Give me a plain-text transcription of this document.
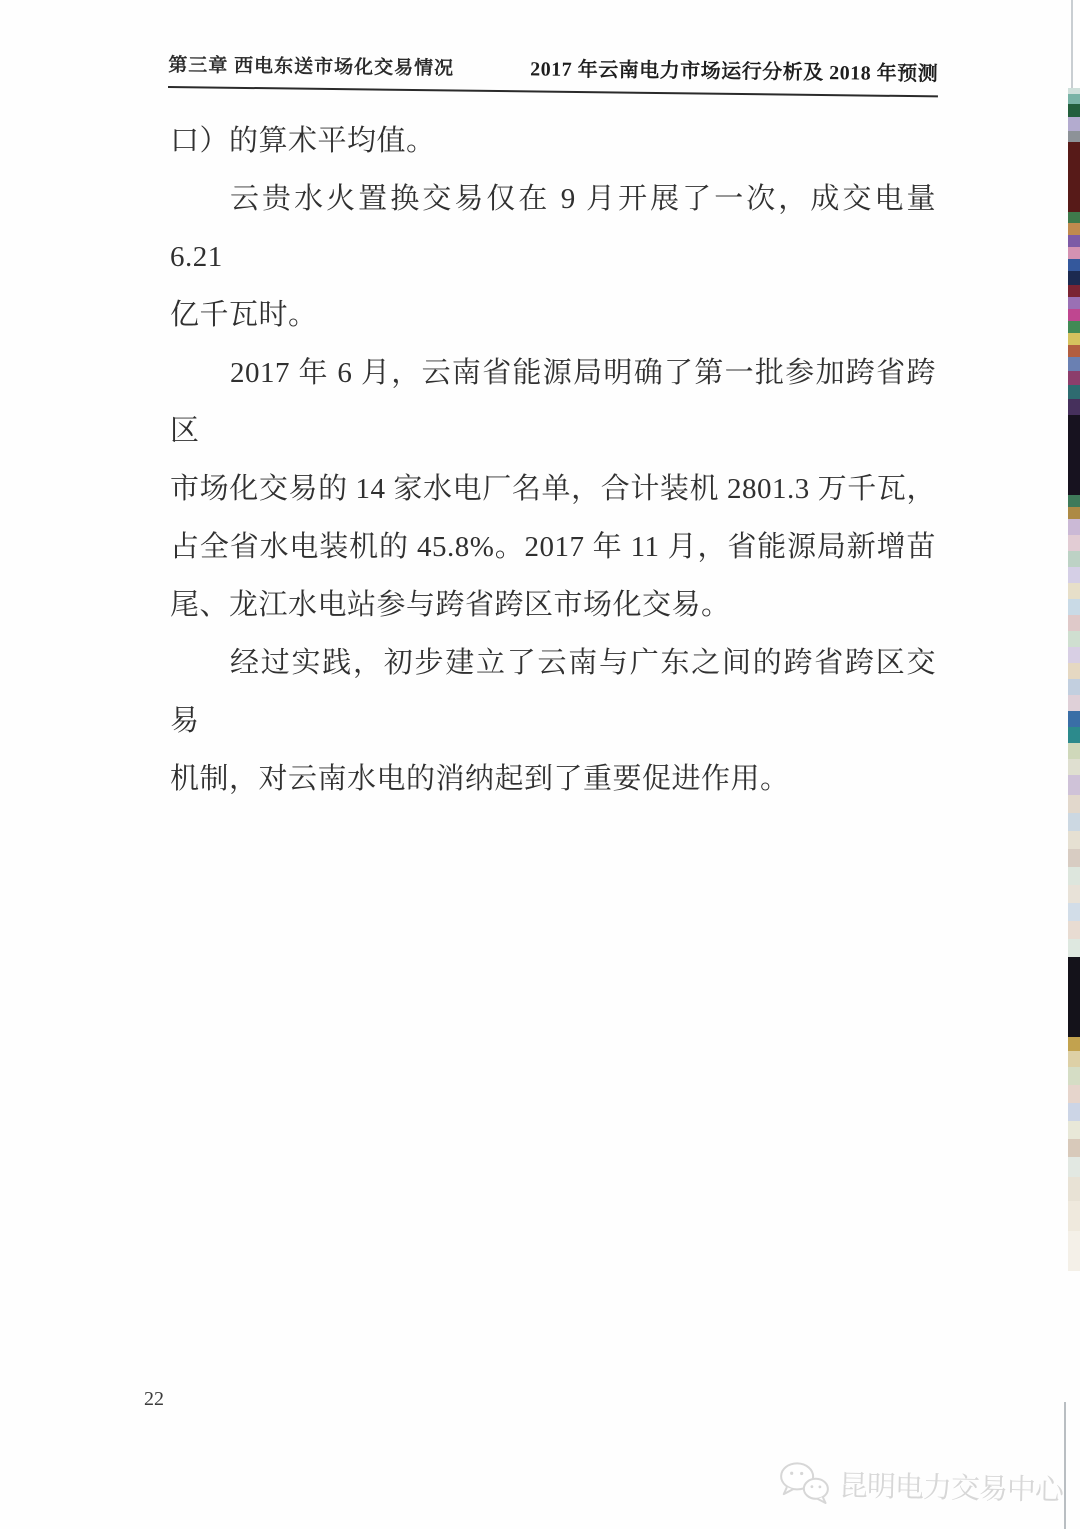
第三章 西电东送市场化交易情况	2017 年云南电力市场运行分析及 2018 年预测
口）的算术平均值。
云贵水火置换交易仅在 9 月开展了一次，成交电量 6.21
亿千瓦时。
2017 年 6 月，云南省能源局明确了第一批参加跨省跨区
市场化交易的 14 家水电厂名单，合计装机 2801.3 万千瓦，
占全省水电装机的 45.8%。2017 年 11 月，省能源局新增苗
尾、龙江水电站参与跨省跨区市场化交易。
经过实践，初步建立了云南与广东之间的跨省跨区交易
机制，对云南水电的消纳起到了重要促进作用。
22
昆明电力交易中心
